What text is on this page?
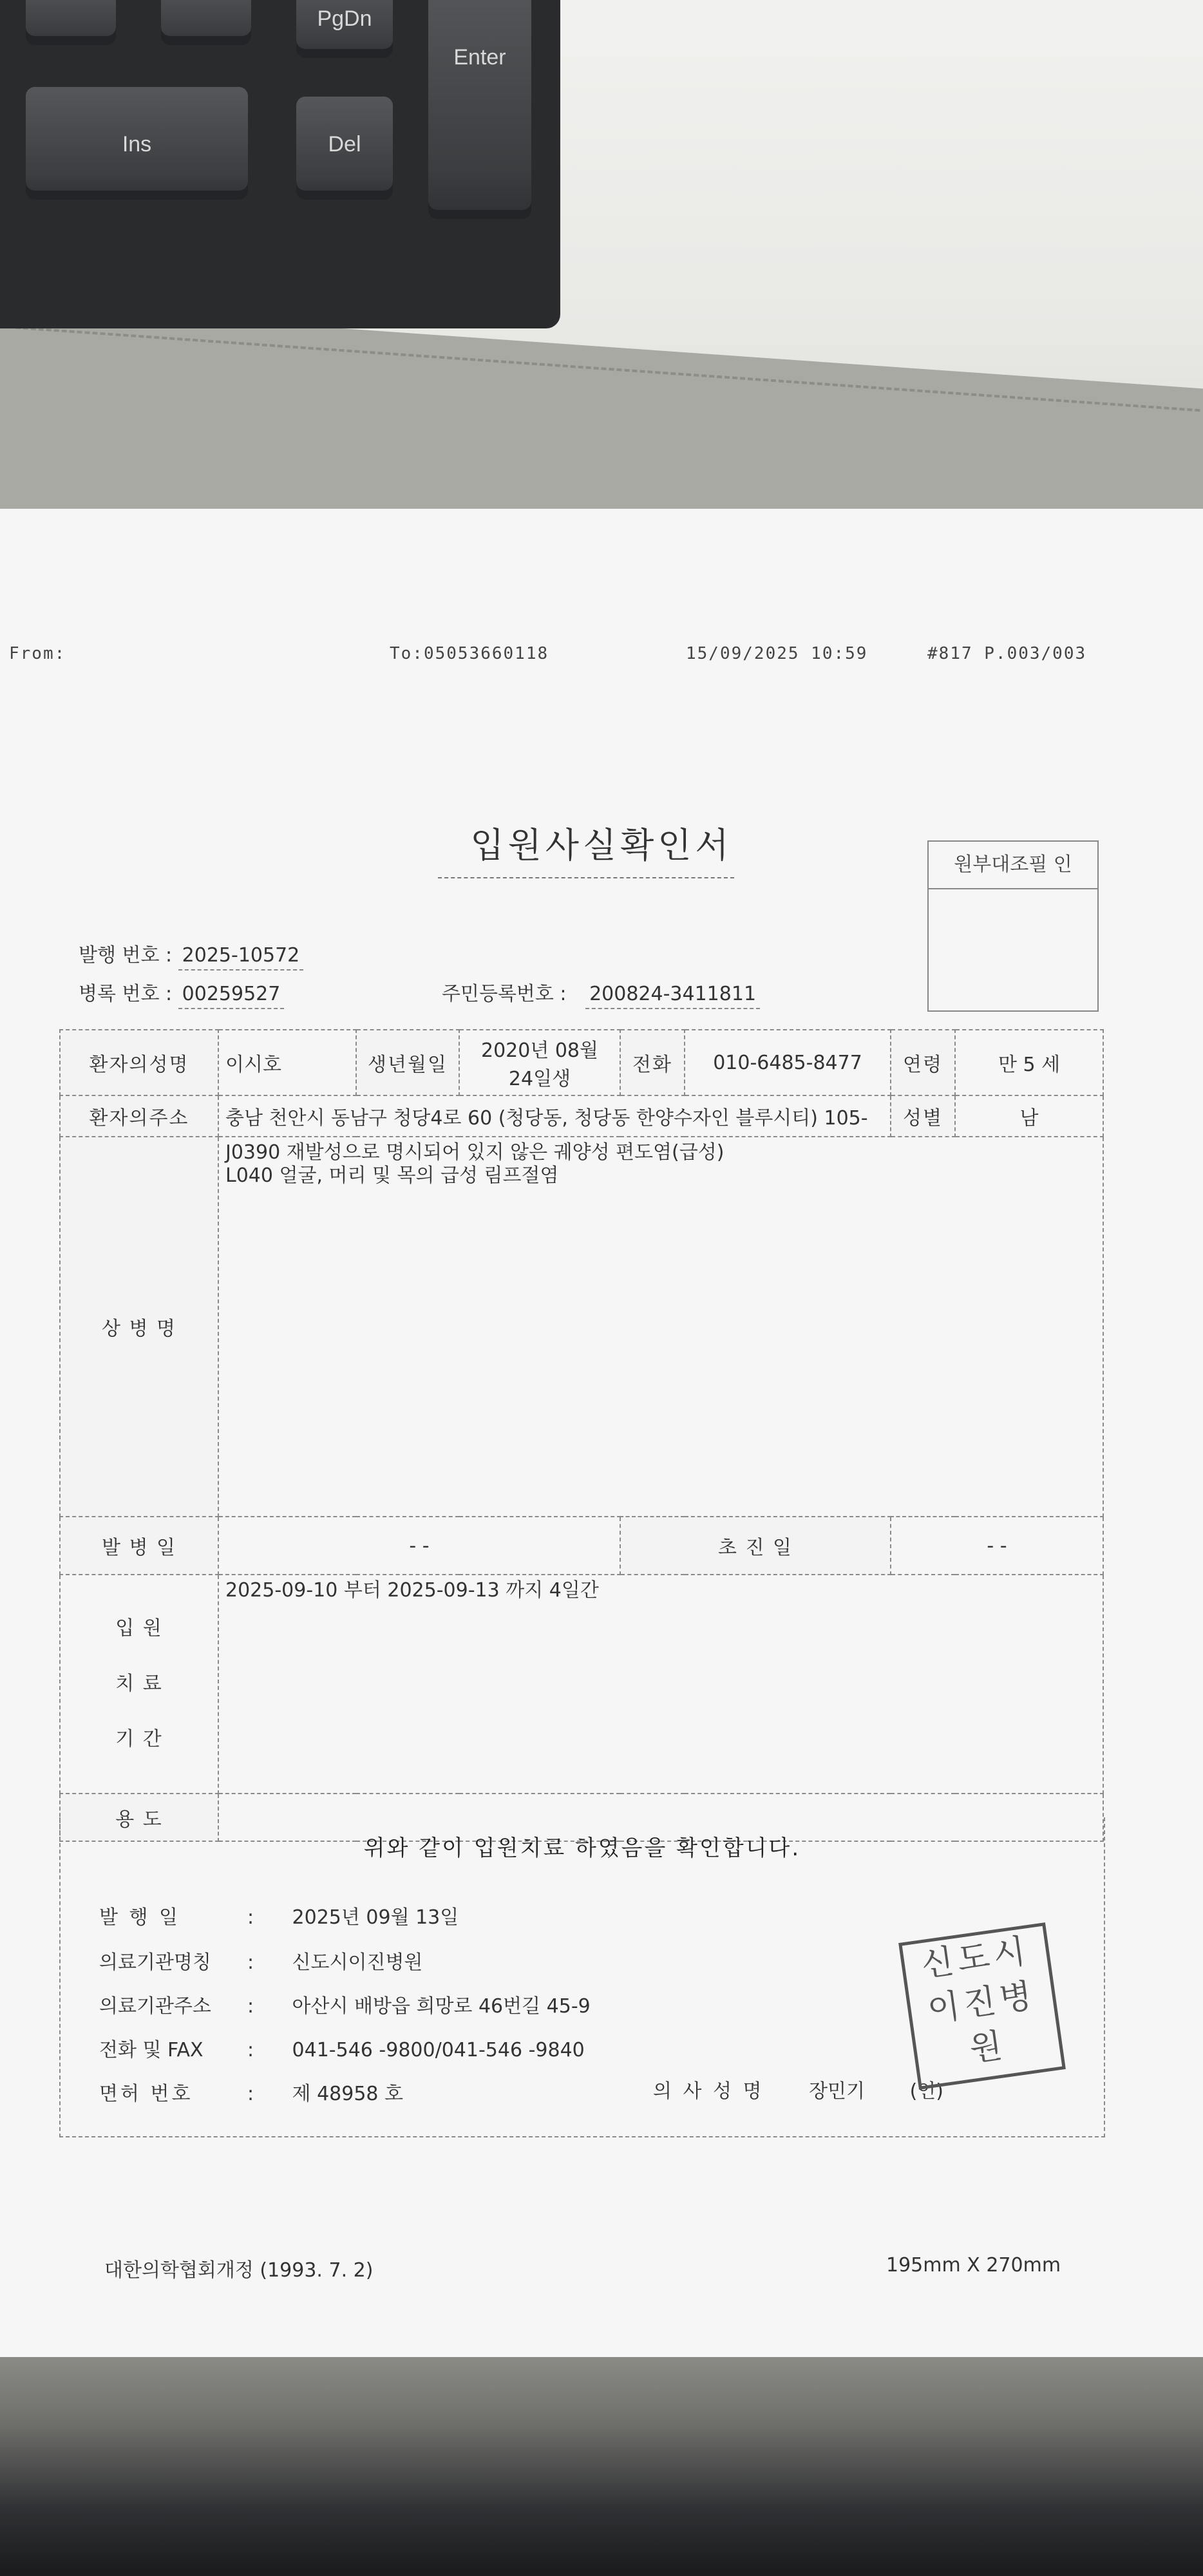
PgDn
Enter
Ins	Del
From:	To:05053660118	15/09/2025 10:59	#817 P.003/003
입원사실확인서	원부대조필 인
발행 번호 : 2025-10572
병록 번호 : 00259527	주민등록번호 : 200824-3411811
환자의성명	이시호	생년월일	2020년 08월 24일생	전화	010-6485-8477	연령	만 5 세
환자의주소	충남 천안시 동남구 청당4로 60 (청당동, 청당동 한양수자인 블루시티) 105-					성별	남
상 병 명	J0390 재발성으로 명시되어 있지 않은 궤양성 편도염(급성)
L040 얼굴, 머리 및 목의 급성 림프절염						
발 병 일	- -			초 진 일		- -	

입 원
치 료
기 간	2025-09-10 부터 2025-09-13 까지 4일간						
용 도							
위와 같이 입원치료 하였음을 확인합니다.
발 행 일	: 2025년 09월 13일
의료기관명칭 : 신도시이진병원
의료기관주소 : 아산시 배방읍 희망로 46번길 45-9
전화 및 FAX : 041-546 -9800/041-546 -9840
면허 번호	: 제 48958 호	의 사 성 명 장민기 (인)
신도시이진병원
대한의학협회개정 (1993. 7. 2)	195mm X 270mm
